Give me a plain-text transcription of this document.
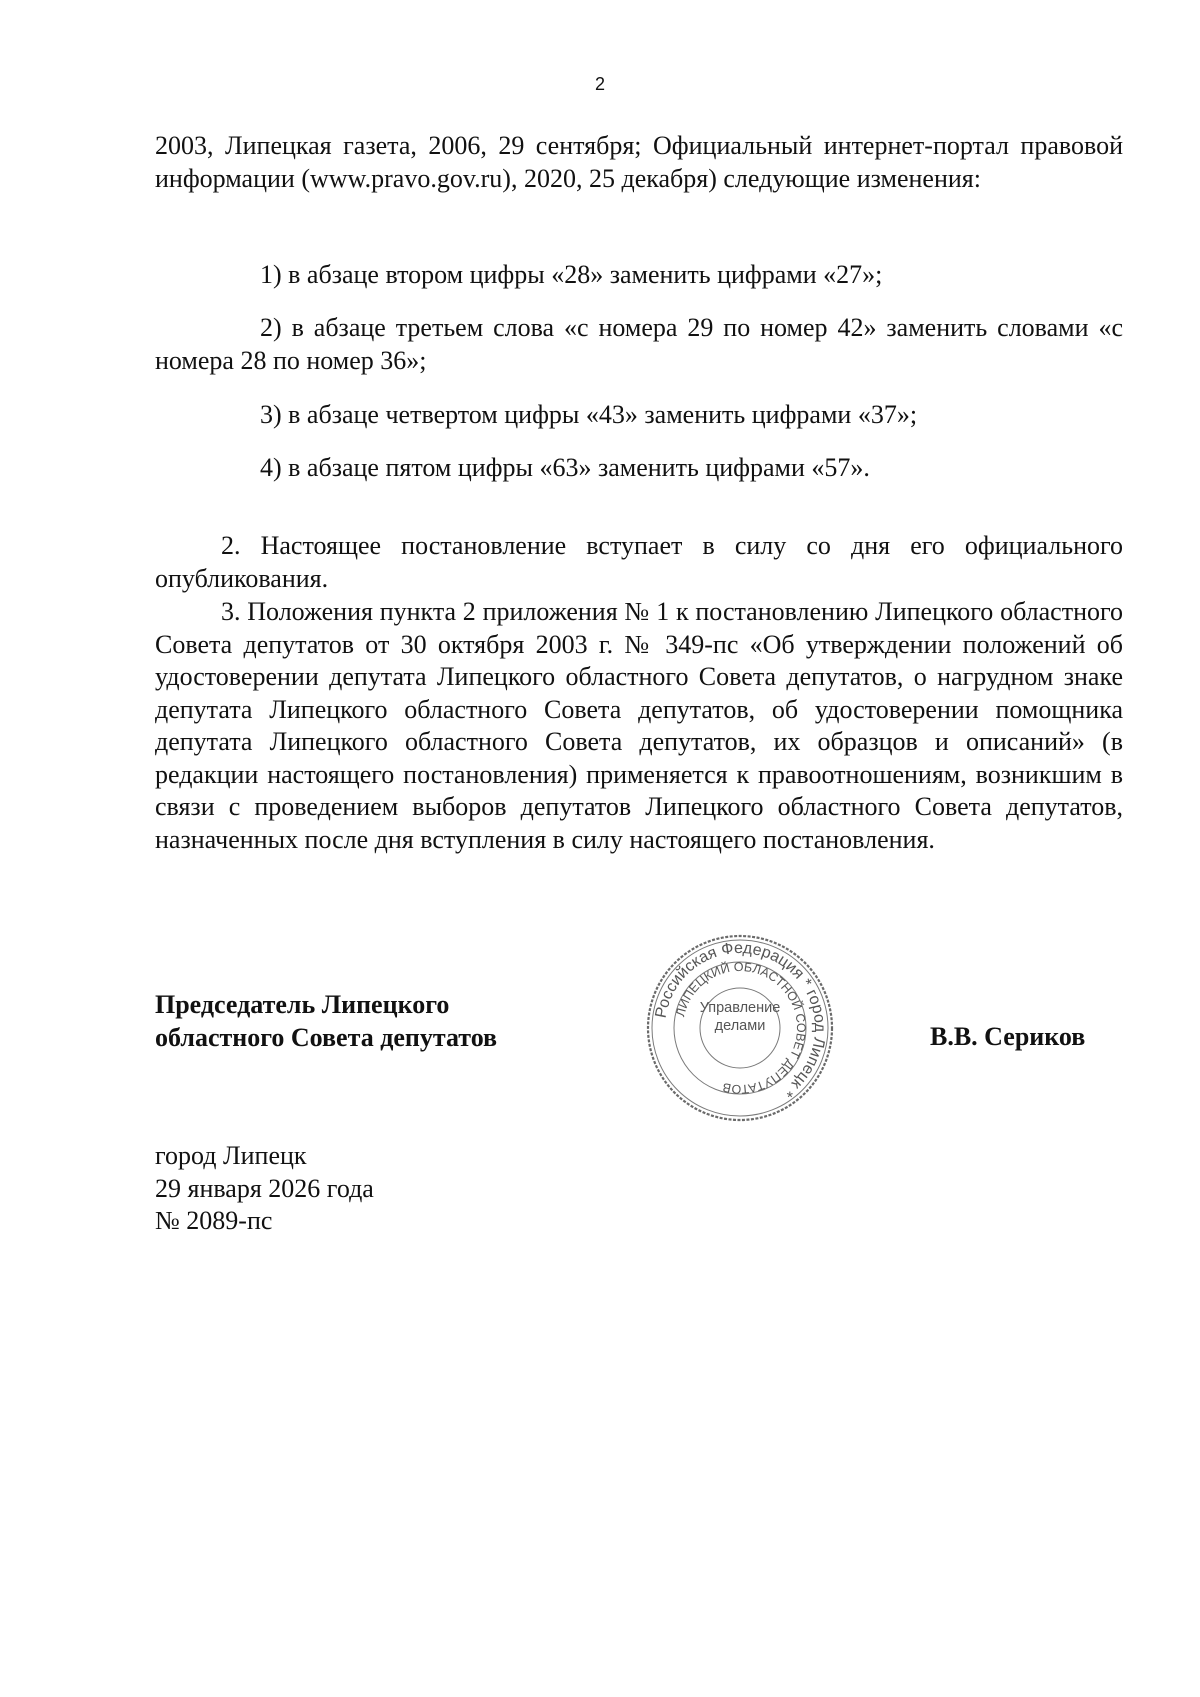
2

2003, Липецкая газета, 2006, 29 сентября; Официальный интернет-портал правовой информации (www.pravo.gov.ru), 2020, 25 декабря) следующие изменения:

1) в абзаце втором цифры «28» заменить цифрами «27»;

2) в абзаце третьем слова «с номера 29 по номер 42» заменить словами «с номера 28 по номер 36»;

3) в абзаце четвертом цифры «43» заменить цифрами «37»;

4) в абзаце пятом цифры «63» заменить цифрами «57».

2. Настоящее постановление вступает в силу со дня его официального опубликования.

3. Положения пункта 2 приложения № 1 к постановлению Липецкого областного Совета депутатов от 30 октября 2003 г. № 349-пс «Об утверждении положений об удостоверении депутата Липецкого областного Совета депутатов, о нагрудном знаке депутата Липецкого областного Совета депутатов, об удостоверении помощника депутата Липецкого областного Совета депутатов, их образцов и описаний» (в редакции настоящего постановления) применяется к правоотношениям, возникшим в связи с проведением выборов депутатов Липецкого областного Совета депутатов, назначенных после дня вступления в силу настоящего постановления.

Председатель Липецкого
областного Совета депутатов
Российская Федерация * город Липецк *
ЛИПЕЦКИЙ ОБЛАСТНОЙ СОВЕТ ДЕПУТАТОВ
Управление
делами	В.В. Сериков
город Липецк
29 января 2026 года
№ 2089-пс
